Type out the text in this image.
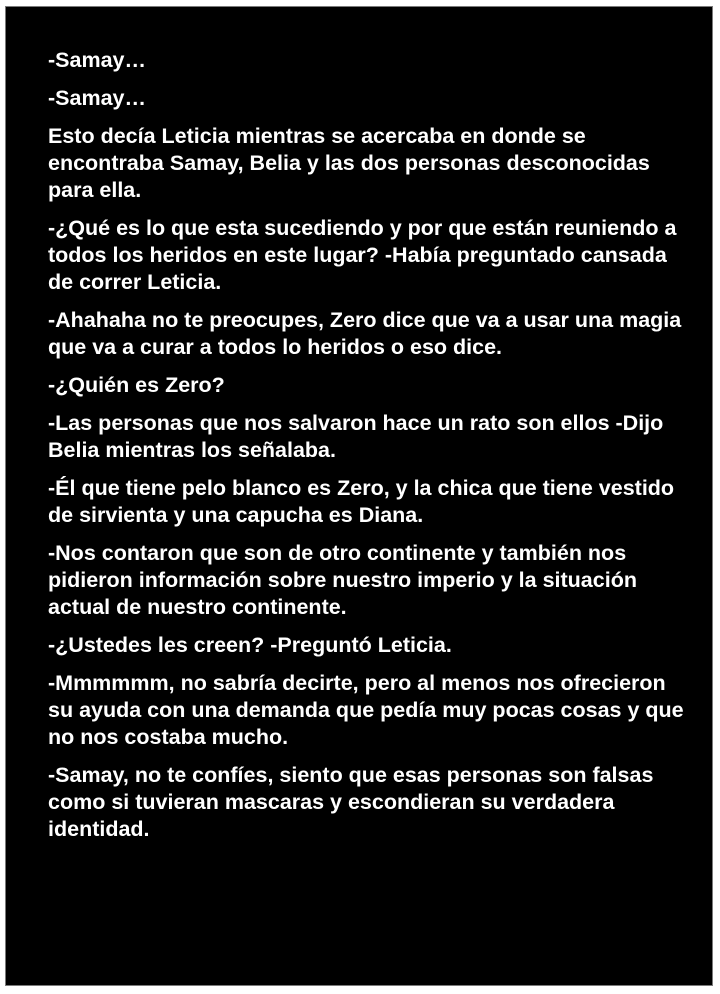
-Samay…

-Samay…

Esto decía Leticia mientras se acercaba en donde se encontraba Samay, Belia y las dos personas desconocidas para ella.

-¿Qué es lo que esta sucediendo y por que están reuniendo a todos los heridos en este lugar? -Había preguntado cansada de correr Leticia.

-Ahahaha no te preocupes, Zero dice que va a usar una magia que va a curar a todos lo heridos o eso dice.

-¿Quién es Zero?

-Las personas que nos salvaron hace un rato son ellos -Dijo Belia mientras los señalaba.

-Él que tiene pelo blanco es Zero, y la chica que tiene vestido de sirvienta y una capucha es Diana.

-Nos contaron que son de otro continente y también nos pidieron información sobre nuestro imperio y la situación actual de nuestro continente.

-¿Ustedes les creen? -Preguntó Leticia.

-Mmmmmm, no sabría decirte, pero al menos nos ofrecieron su ayuda con una demanda que pedía muy pocas cosas y que no nos costaba mucho.

-Samay, no te confíes, siento que esas personas son falsas como si tuvieran mascaras y escondieran su verdadera identidad.
